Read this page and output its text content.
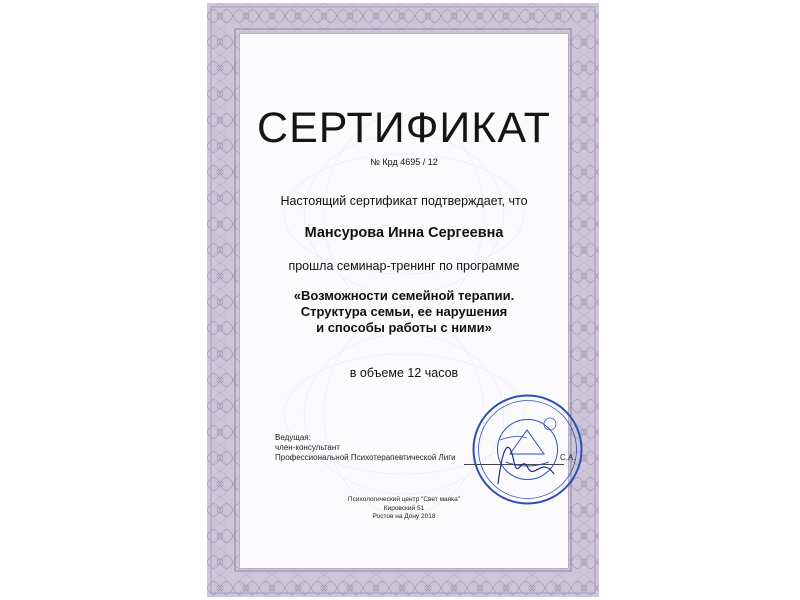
СЕРТИФИКАТ
№ Крд 4695 / 12
Настоящий сертификат подтверждает, что
Мансурова Инна Сергеевна
прошла семинар-тренинг по программе
«Возможности семейной терапии.
Структура семьи, ее нарушения
и способы работы с ними»
в объеме 12 часов
Ведущая:
член-консультант
Профессиональной Психотерапевтической Лиги	С.А.
Психологический центр "Свет маяка"
Кировский 51
Ростов на Дону 2018
